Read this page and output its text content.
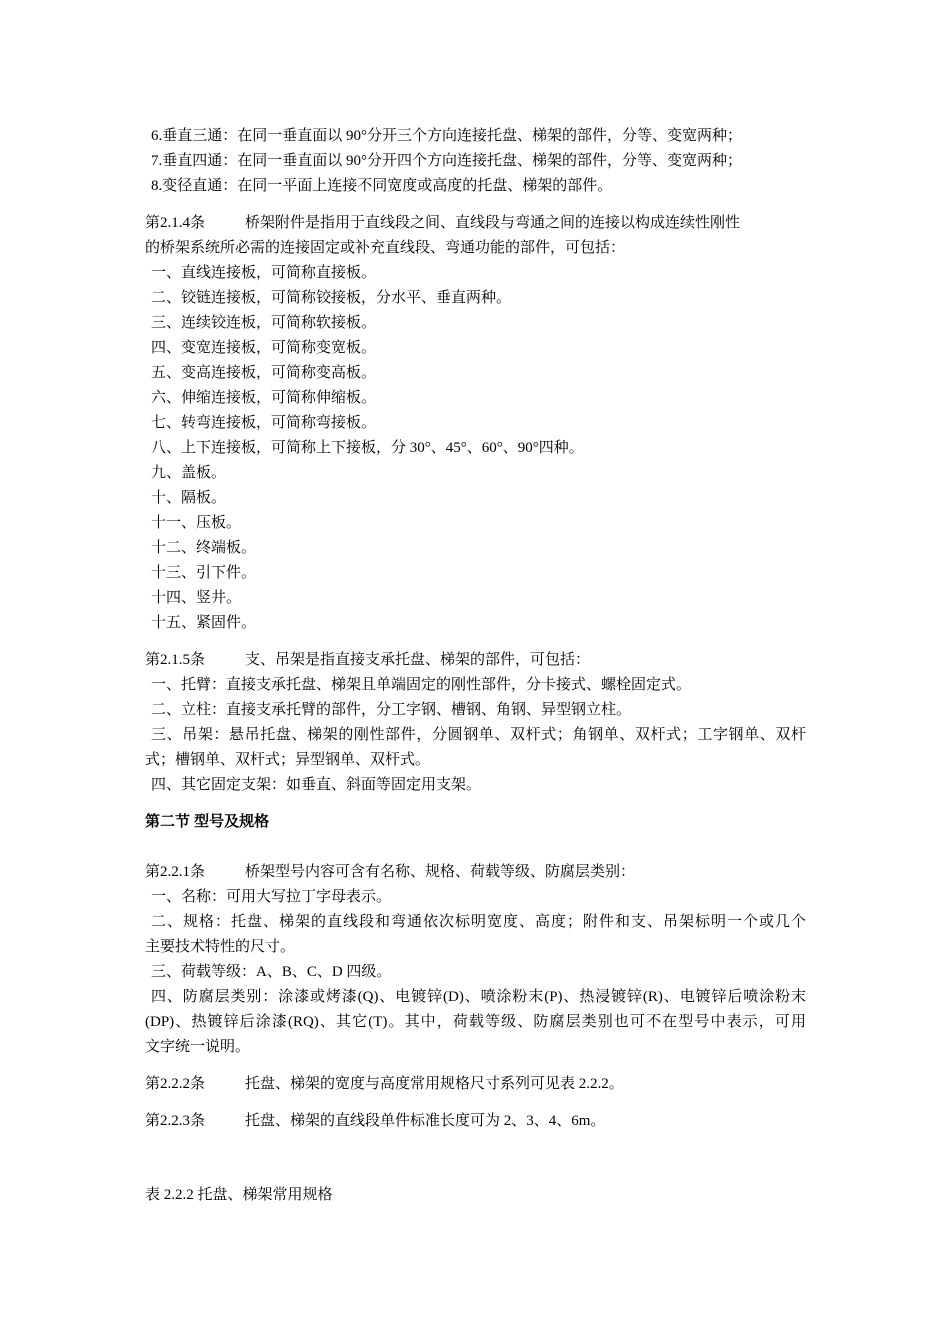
6.垂直三通：在同一垂直面以 90°分开三个方向连接托盘、梯架的部件，分等、变宽两种；
7.垂直四通：在同一垂直面以 90°分开四个方向连接托盘、梯架的部件，分等、变宽两种；
8.变径直通：在同一平面上连接不同宽度或高度的托盘、梯架的部件。
第2.1.4条	桥架附件是指用于直线段之间、直线段与弯通之间的连接以构成连续性刚性
的桥架系统所必需的连接固定或补充直线段、弯通功能的部件，可包括：
一、直线连接板，可简称直接板。
二、铰链连接板，可简称铰接板，分水平、垂直两种。
三、连续铰连板，可简称软接板。
四、变宽连接板，可简称变宽板。
五、变高连接板，可简称变高板。
六、伸缩连接板，可简称伸缩板。
七、转弯连接板，可简称弯接板。
八、上下连接板，可简称上下接板，分 30°、45°、60°、90°四种。
九、盖板。
十、隔板。
十一、压板。
十二、终端板。
十三、引下件。
十四、竖井。
十五、紧固件。
第2.1.5条	支、吊架是指直接支承托盘、梯架的部件，可包括：
一、托臂：直接支承托盘、梯架且单端固定的刚性部件，分卡接式、螺栓固定式。
二、立柱：直接支承托臂的部件，分工字钢、槽钢、角钢、异型钢立柱。
三、吊架：悬吊托盘、梯架的刚性部件，分圆钢单、双杆式；角钢单、双杆式；工字钢单、双杆
式；槽钢单、双杆式；异型钢单、双杆式。
四、其它固定支架：如垂直、斜面等固定用支架。
第二节 型号及规格
第2.2.1条	桥架型号内容可含有名称、规格、荷载等级、防腐层类别：
一、名称：可用大写拉丁字母表示。
二、规格：托盘、梯架的直线段和弯通依次标明宽度、高度；附件和支、吊架标明一个或几个
主要技术特性的尺寸。
三、荷载等级：A、B、C、D 四级。
四、防腐层类别：涂漆或烤漆(Q)、电镀锌(D)、喷涂粉末(P)、热浸镀锌(R)、电镀锌后喷涂粉末
(DP)、热镀锌后涂漆(RQ)、其它(T)。其中，荷载等级、防腐层类别也可不在型号中表示，可用
文字统一说明。
第2.2.2条	托盘、梯架的宽度与高度常用规格尺寸系列可见表 2.2.2。
第2.2.3条	托盘、梯架的直线段单件标准长度可为 2、3、4、6m。
表 2.2.2 托盘、梯架常用规格
